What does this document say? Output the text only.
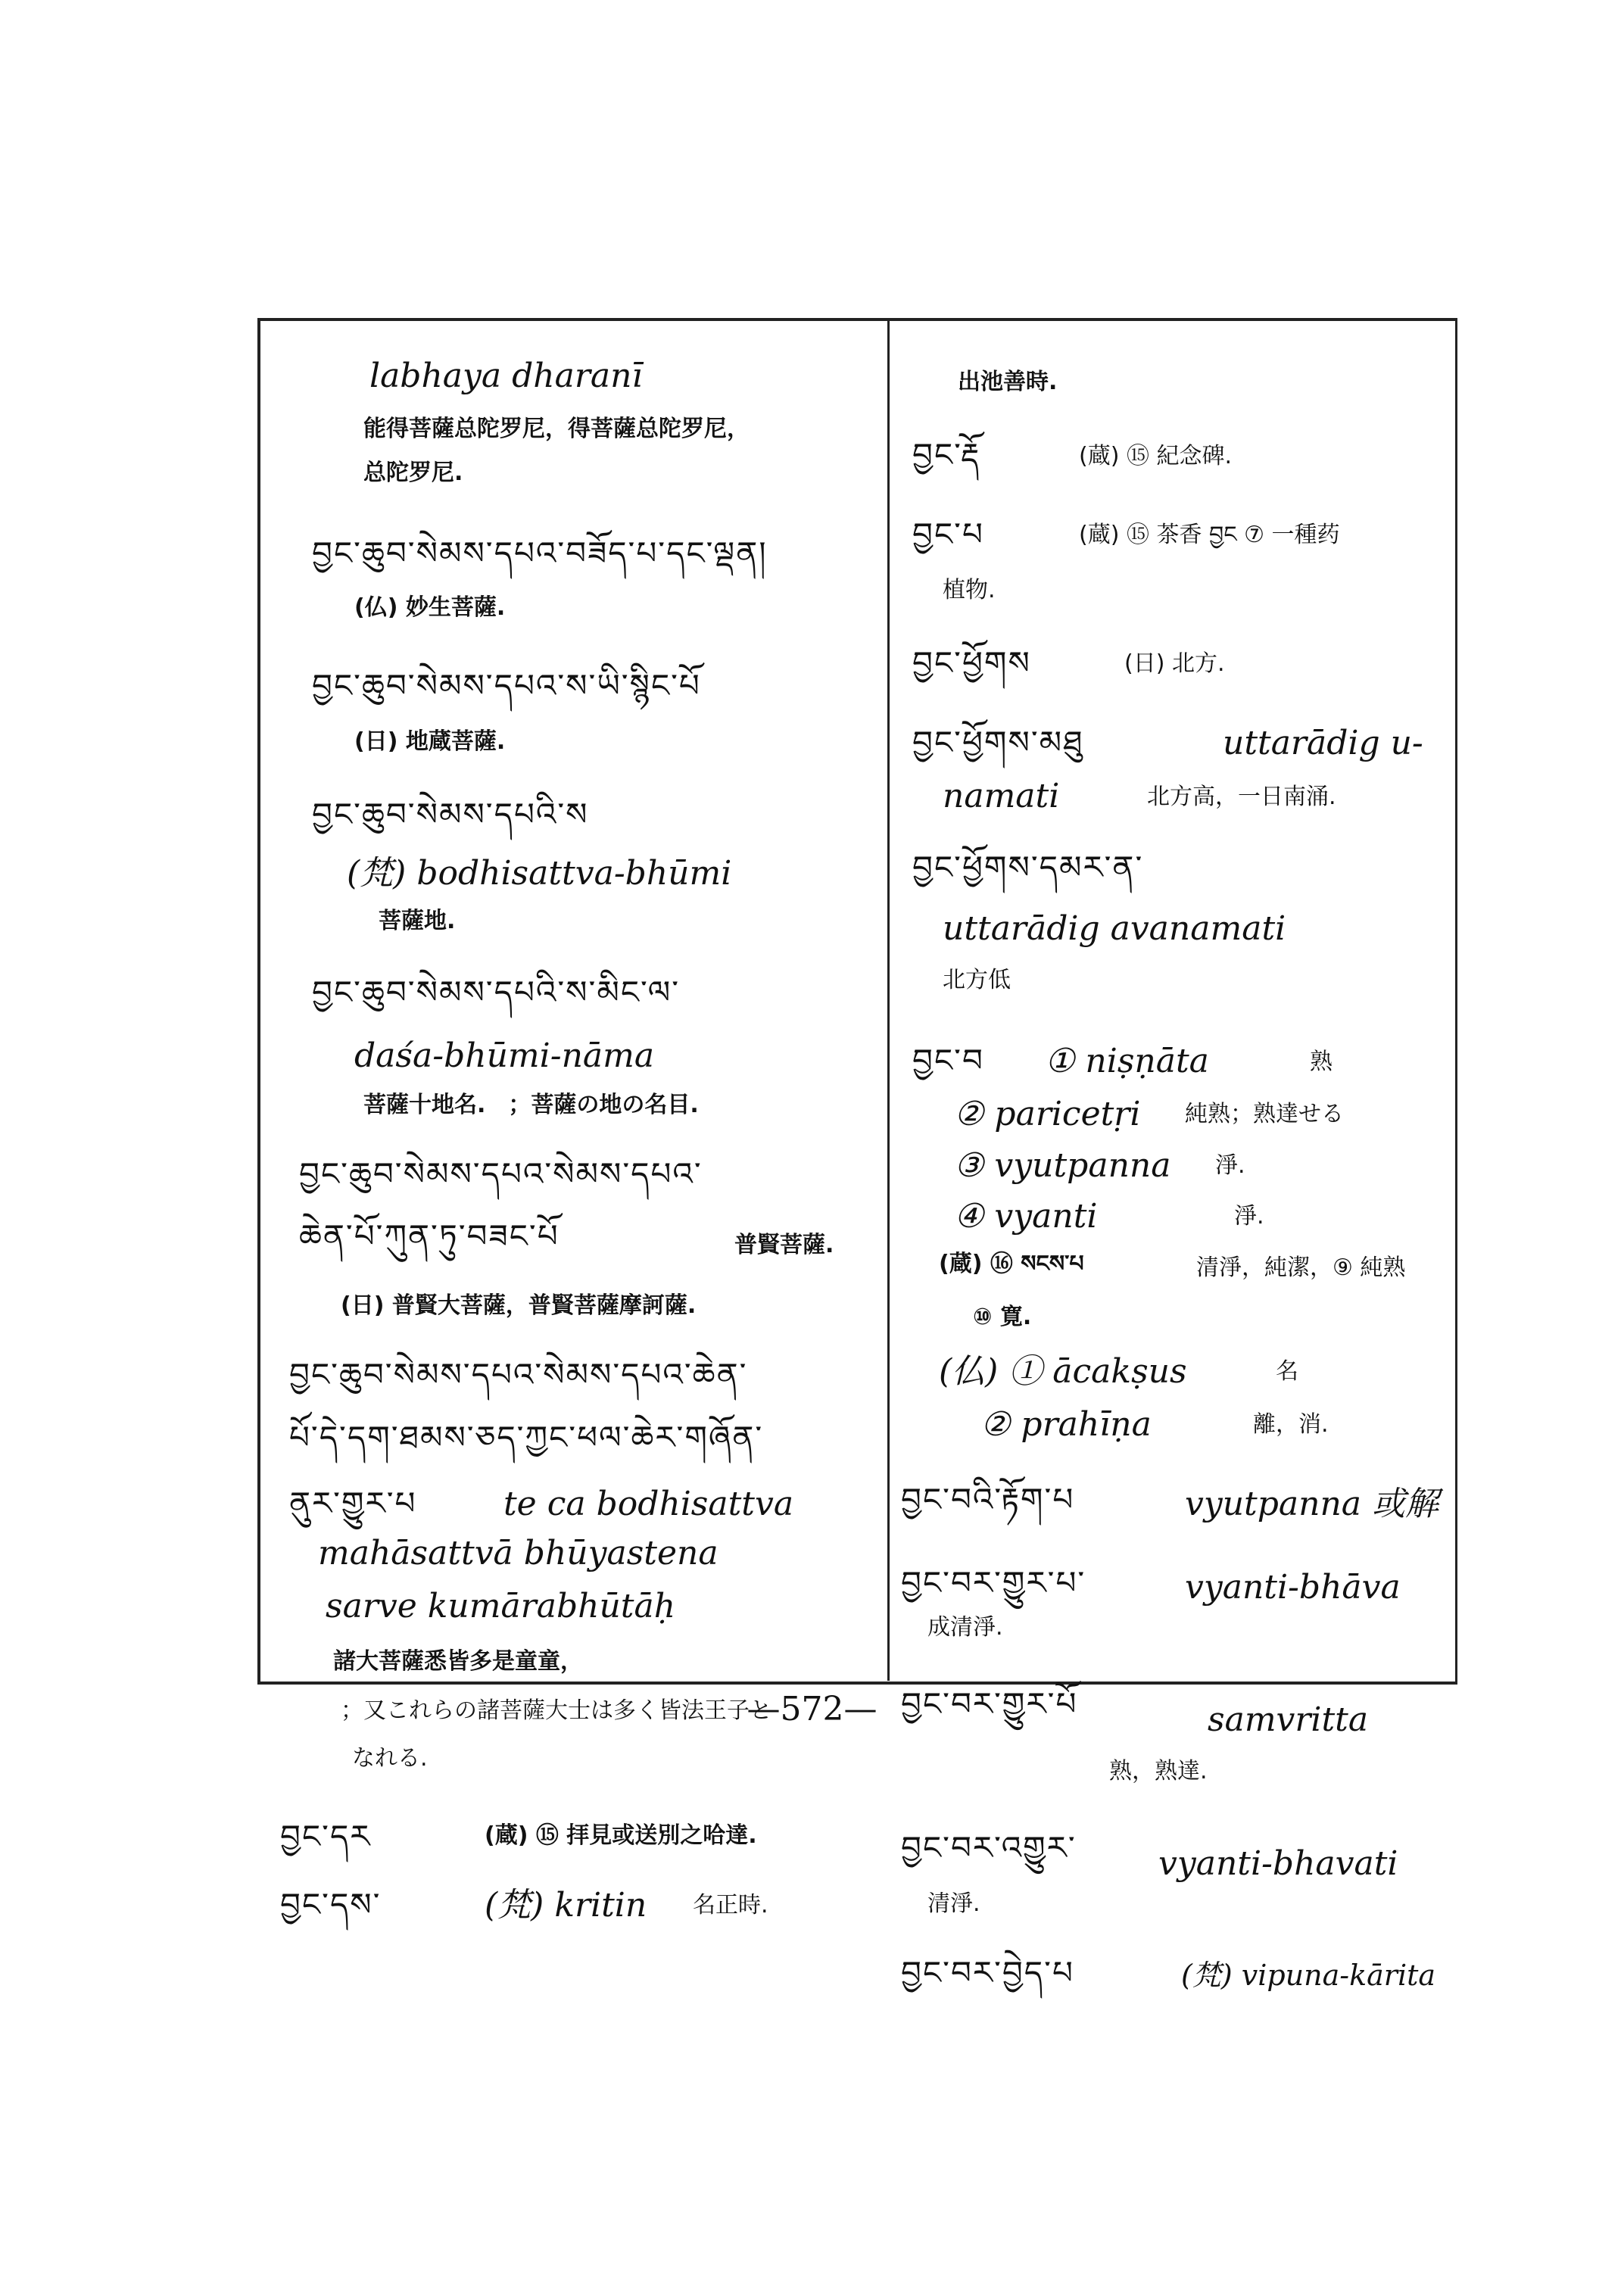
labhaya dharanī
能得菩薩总陀罗尼，得菩薩总陀罗尼，
总陀罗尼.
བྱང་ཆུབ་སེམས་དཔའ་བཟོད་པ་དང་ལྡན།
(仏) 妙生菩薩.
བྱང་ཆུབ་སེམས་དཔའ་ས་ཡི་སྙིང་པོ
(日) 地蔵菩薩.
བྱང་ཆུབ་སེམས་དཔའི་ས
(梵) bodhisattva-bhūmi
菩薩地.
བྱང་ཆུབ་སེམས་དཔའི་ས་མིང་ལ་
daśa-bhūmi-nāma
菩薩十地名.　；菩薩の地の名目.
བྱང་ཆུབ་སེམས་དཔའ་སེམས་དཔའ་
ཆེན་པོ་ཀུན་ཏུ་བཟང་པོ	普賢菩薩.
(日) 普賢大菩薩，普賢菩薩摩訶薩.
བྱང་ཆུབ་སེམས་དཔའ་སེམས་དཔའ་ཆེན་
པོ་དེ་དག་ཐམས་ཅད་ཀྱང་ཕལ་ཆེར་གཞོན་
ནུར་གྱུར་པ	te ca bodhisattva
mahāsattvā bhūyastena
sarve kumārabhūtāḥ
諸大菩薩悉皆多是童童，
；又これらの諸菩薩大士は多く皆法王子と
なれる.
བྱང་དར	(蔵) ⑮ 拝見或送別之哈達.
བྱང་དས་	(梵) kritin 名正時.
出池善時.
བྱང་རྡོ	(蔵) ⑮ 紀念碑.
བྱང་པ	(蔵) ⑮ 茶香 བྱང ⑦ 一種药
植物.
བྱང་ཕྱོགས	(日) 北方.
བྱང་ཕྱོགས་མཐུ	uttarādig u-
namati	北方高，一日南涌.
བྱང་ཕྱོགས་དམར་ན་
uttarādig avanamati
北方低
བྱང་བ ① niṣṇāta	熟
② paricetṛi 純熟；熟達せる
③ vyutpanna 淨.
④ vyanti	淨.
(蔵) ⑯ སངས་པ	清淨，純潔，⑨ 純熟
⑩ 寛.
(仏) ① ācakṣus	名
② prahīṇa	離，消.
བྱང་བའི་རྟོག་པ	vyutpanna 或解
བྱང་བར་གྱུར་པ་	vyanti-bhāva
成清淨.
བྱང་བར་གྱུར་པོ	samvritta
熟，熟達.
བྱང་བར་འགྱུར་ vyanti-bhavati
清淨.
བྱང་བར་བྱེད་པ	(梵) vipuna-kārita
—572—
